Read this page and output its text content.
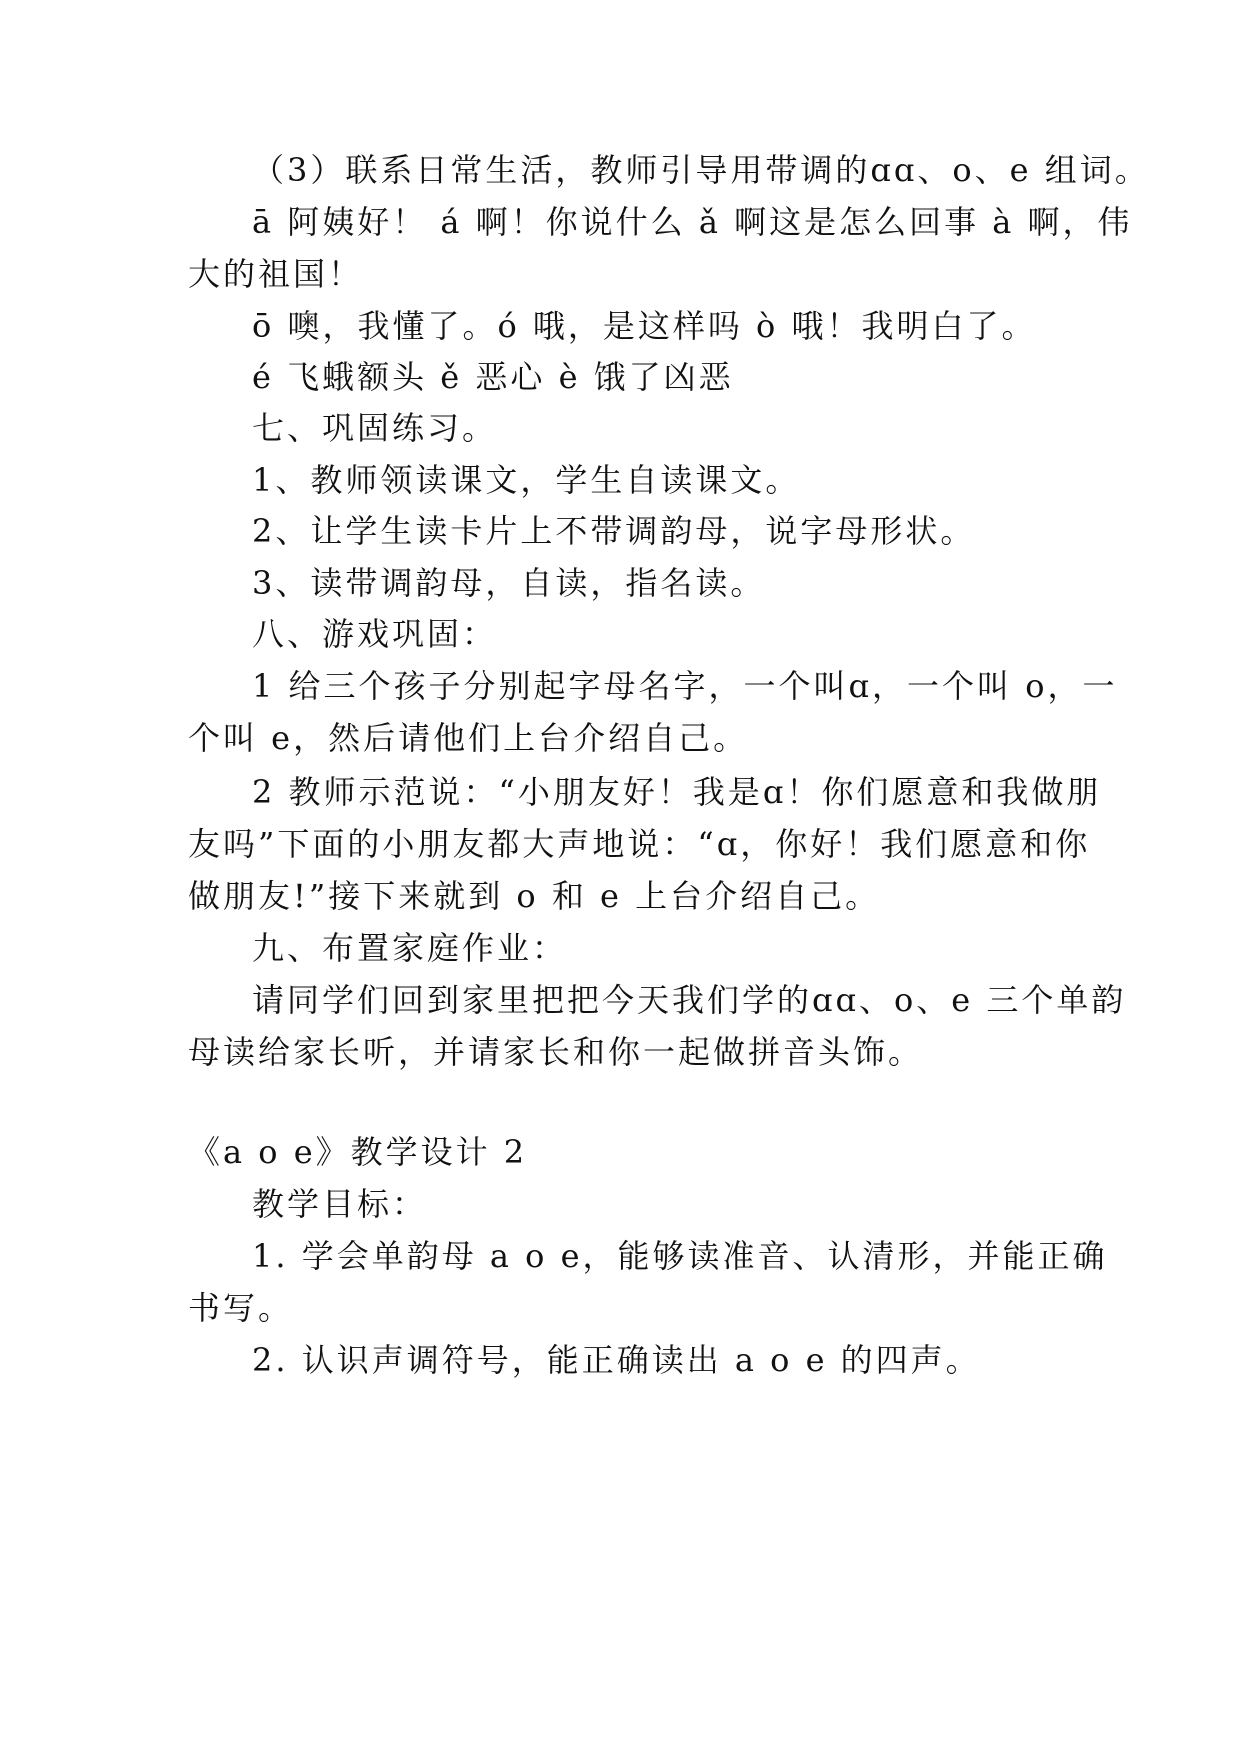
（3）联系日常生活，教师引导用带调的ɑɑ、o、e 组词。
ā 阿姨好！ á 啊！你说什么 ǎ 啊这是怎么回事 à 啊，伟
大的祖国！
ō 噢，我懂了。ó 哦，是这样吗 ò 哦！我明白了。
é 飞蛾额头 ě 恶心 è 饿了凶恶
七、巩固练习。
1、教师领读课文，学生自读课文。
2、让学生读卡片上不带调韵母，说字母形状。
3、读带调韵母，自读，指名读。
八、游戏巩固：
1 给三个孩子分别起字母名字，一个叫ɑ，一个叫 o，一
个叫 e，然后请他们上台介绍自己。
2 教师示范说：“小朋友好！我是ɑ！你们愿意和我做朋
友吗”下面的小朋友都大声地说：“ɑ，你好！我们愿意和你
做朋友!”接下来就到 o 和 e 上台介绍自己。
九、布置家庭作业：
请同学们回到家里把把今天我们学的ɑɑ、o、e 三个单韵
母读给家长听，并请家长和你一起做拼音头饰。
《a o e》教学设计 2
教学目标：
1. 学会单韵母 a o e，能够读准音、认清形，并能正确
书写。
2. 认识声调符号，能正确读出 a o e 的四声。
